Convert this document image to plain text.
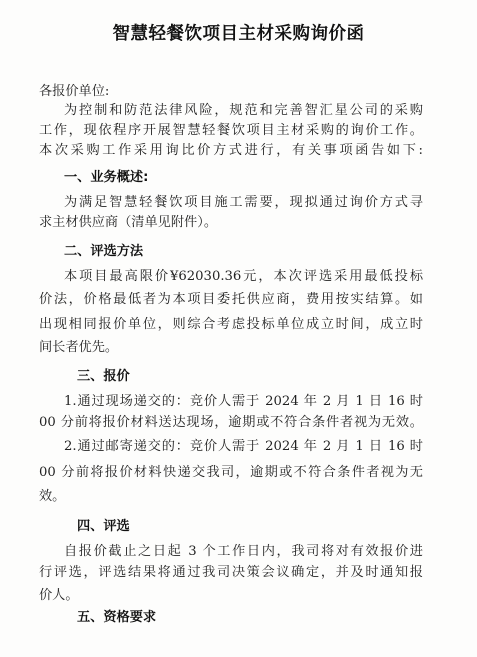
智慧轻餐饮项目主材采购询价函
各报价单位:
为控制和防范法律风险，规范和完善智汇星公司的采购
工作，现依程序开展智慧轻餐饮项目主材采购的询价工作。
本次采购工作采用询比价方式进行，有关事项函告如下:
一、业务概述:
为满足智慧轻餐饮项目施工需要，现拟通过询价方式寻
求主材供应商（清单见附件）。
二、评选方法
本项目最高限价¥62030.36元，本次评选采用最低投标
价法，价格最低者为本项目委托供应商，费用按实结算。如
出现相同报价单位，则综合考虑投标单位成立时间，成立时
间长者优先。
三、报价
1.通过现场递交的：竞价人需于 2024 年 2 月 1 日 16 时
00 分前将报价材料送达现场，逾期或不符合条件者视为无效。
2.通过邮寄递交的：竞价人需于 2024 年 2 月 1 日 16 时
00 分前将报价材料快递交我司，逾期或不符合条件者视为无
效。
四、评选
自报价截止之日起 3 个工作日内，我司将对有效报价进
行评选，评选结果将通过我司决策会议确定，并及时通知报
价人。
五、资格要求
